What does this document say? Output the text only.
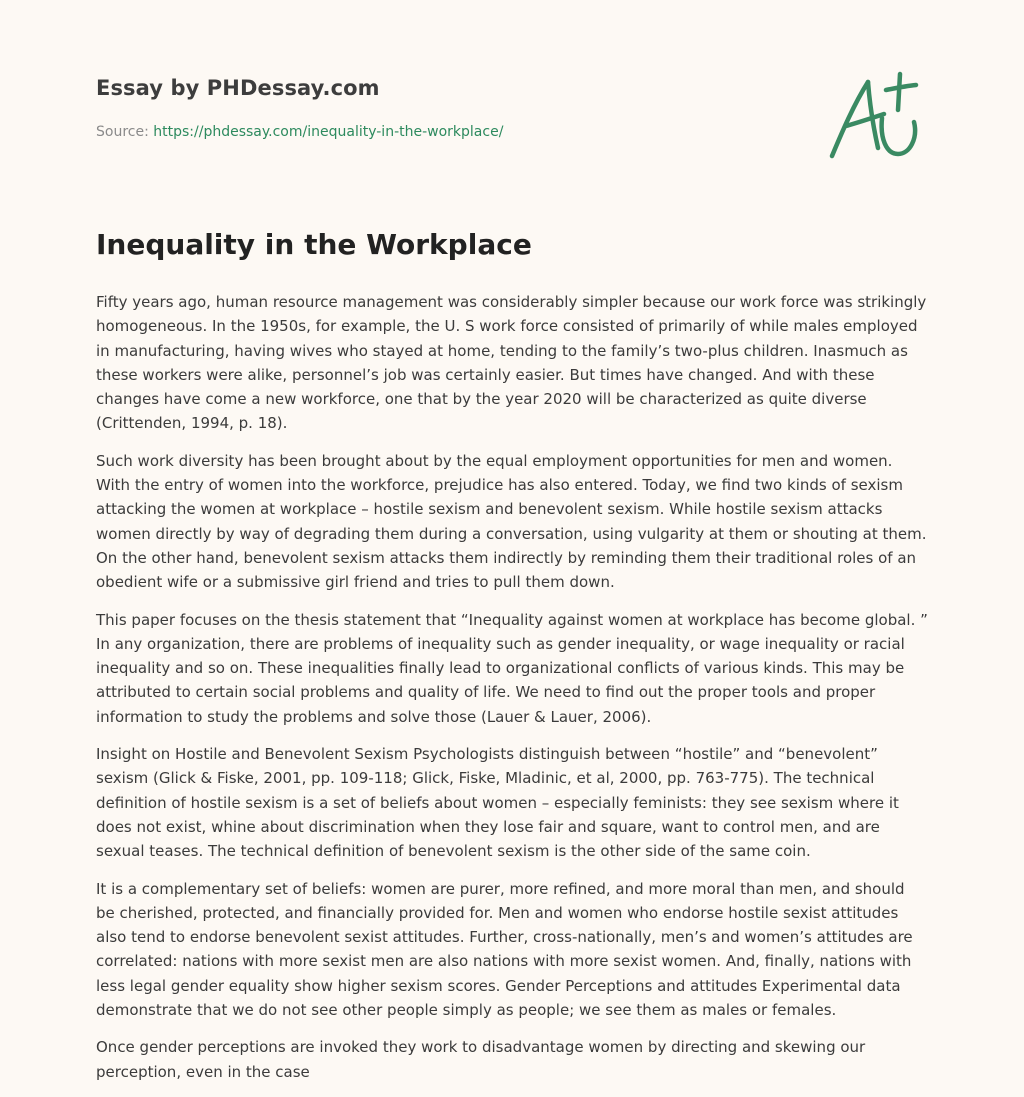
Essay by PHDessay.com
Source: https://phdessay.com/inequality-in-the-workplace/
Inequality in the Workplace

Fifty years ago, human resource management was considerably simpler because our work force was strikingly homogeneous. In the 1950s, for example, the U. S work force consisted of primarily of while males employed in manufacturing, having wives who stayed at home, tending to the family’s two-plus children. Inasmuch as these workers were alike, personnel’s job was certainly easier. But times have changed. And with these changes have come a new workforce, one that by the year 2020 will be characterized as quite diverse (Crittenden, 1994, p. 18).

Such work diversity has been brought about by the equal employment opportunities for men and women. With the entry of women into the workforce, prejudice has also entered. Today, we find two kinds of sexism attacking the women at workplace – hostile sexism and benevolent sexism. While hostile sexism attacks women directly by way of degrading them during a conversation, using vulgarity at them or shouting at them. On the other hand, benevolent sexism attacks them indirectly by reminding them their traditional roles of an obedient wife or a submissive girl friend and tries to pull them down.

This paper focuses on the thesis statement that “Inequality against women at workplace has become global. ” In any organization, there are problems of inequality such as gender inequality, or wage inequality or racial inequality and so on. These inequalities finally lead to organizational conflicts of various kinds. This may be attributed to certain social problems and quality of life. We need to find out the proper tools and proper information to study the problems and solve those (Lauer & Lauer, 2006).

Insight on Hostile and Benevolent Sexism Psychologists distinguish between “hostile” and “benevolent” sexism (Glick & Fiske, 2001, pp. 109-118; Glick, Fiske, Mladinic, et al, 2000, pp. 763-775). The technical definition of hostile sexism is a set of beliefs about women – especially feminists: they see sexism where it does not exist, whine about discrimination when they lose fair and square, want to control men, and are sexual teases. The technical definition of benevolent sexism is the other side of the same coin.

It is a complementary set of beliefs: women are purer, more refined, and more moral than men, and should be cherished, protected, and financially provided for. Men and women who endorse hostile sexist attitudes also tend to endorse benevolent sexist attitudes. Further, cross-nationally, men’s and women’s attitudes are correlated: nations with more sexist men are also nations with more sexist women. And, finally, nations with less legal gender equality show higher sexism scores. Gender Perceptions and attitudes Experimental data demonstrate that we do not see other people simply as people; we see them as males or females.

Once gender perceptions are invoked they work to disadvantage women by directing and skewing our perception, even in the case
